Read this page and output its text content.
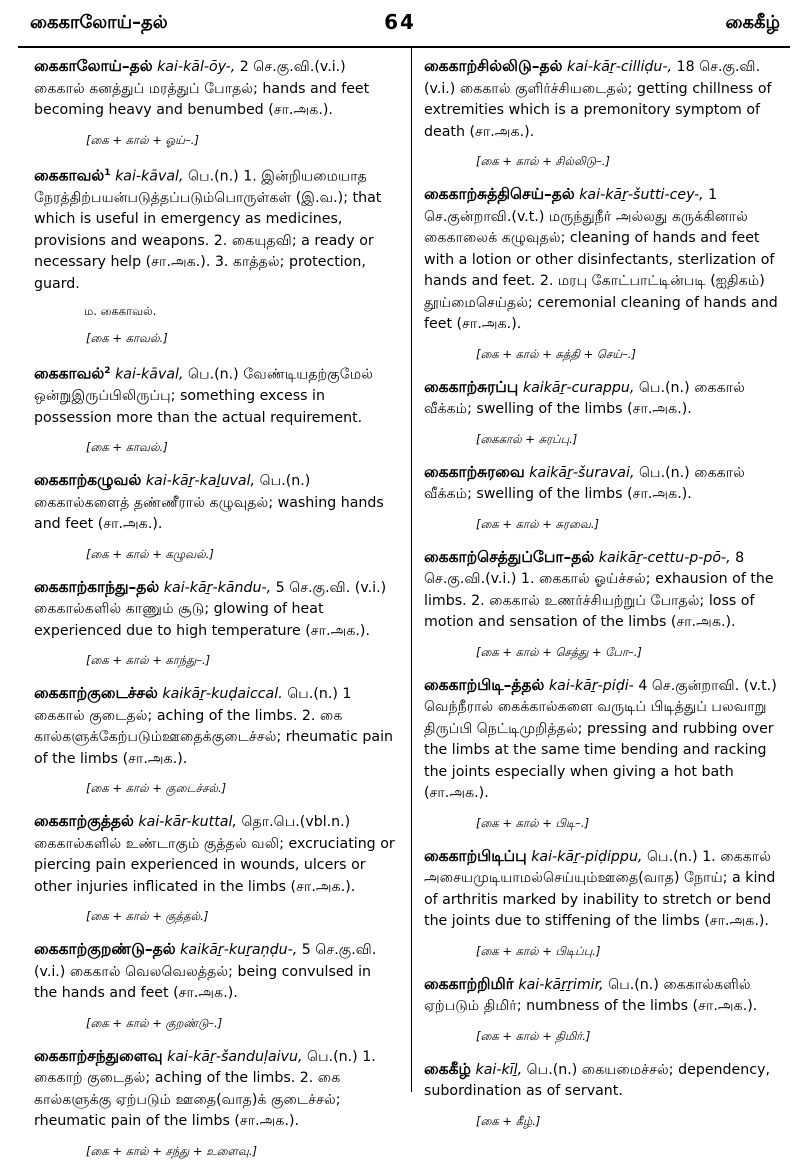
கைகாலோய்–தல்	64	கைகீழ்

கைகாலோய்–தல் kai-kāl-ōy-, 2 செ.கு.வி.(v.i.) கைகால் கனத்துப் மரத்துப் போதல்; hands and feet becoming heavy and benumbed (சா.அக.).

[கை + கால் + ஓய்–.]

கைகாவல்$^1$ kai-kāval, பெ.(n.) 1. இன்றியமையாத நேரத்திற்பயன்படுத்தப்படும்பொருள்கள் (இ.வ.); that which is useful in emergency as medicines, provisions and weapons. 2. கையுதவி; a ready or necessary help (சா.அக.). 3. காத்தல்; protection, guard.

ம. கைகாவல்.
[கை + காவல்.]

கைகாவல்$^2$ kai-kāval, பெ.(n.) வேண்டியதற்குமேல் ஒன்றுஇருப்பிலிருப்பு; something excess in possession more than the actual requirement.

[கை + காவல்.]

கைகாற்கழுவல் kai-kāṟ-kaḻuval, பெ.(n.) கைகால்களைத் தண்ணீரால் கழுவுதல்; washing hands and feet (சா.அக.).

[கை + கால் + கழுவல்.]

கைகாற்காந்து–தல் kai-kāṟ-kāndu-, 5 செ.கு.வி. (v.i.) கைகால்களில் காணும் சூடு; glowing of heat experienced due to high temperature (சா.அக.).

[கை + கால் + காந்து–.]

கைகாற்குடைச்சல் kaikāṟ-kuḍaiccal. பெ.(n.) 1 கைகால் குடைதல்; aching of the limbs. 2. கை கால்களுக்கேற்படும்ஊதைக்குடைச்சல்; rheumatic pain of the limbs (சா.அக.).

[கை + கால் + குடைச்சல்.]

கைகாற்குத்தல் kai-kār-kuttal, தொ.பெ.(vbl.n.) கைகால்களில் உண்டாகும் குத்தல் வலி; excruciating or piercing pain experienced in wounds, ulcers or other injuries inflicated in the limbs (சா.அக.).

[கை + கால் + குத்தல்.]

கைகாற்குறண்டு–தல் kaikāṟ-kuṟaṇḍu-, 5 செ.கு.வி.(v.i.) கைகால் வெலவெலத்தல்; being convulsed in the hands and feet (சா.அக.).

[கை + கால் + குறண்டு–.]

கைகாற்சந்துளைவு kai-kāṟ-šanduḷaivu, பெ.(n.) 1. கைகாற் குடைதல்; aching of the limbs. 2. கை கால்களுக்கு ஏற்படும் ஊதை(வாத)க் குடைச்சல்; rheumatic pain of the limbs (சா.அக.).

[கை + கால் + சந்து + உளைவு.]

கைகாற்சில்லிடு–தல் kai-kāṟ-cilliḍu-, 18 செ.கு.வி. (v.i.) கைகால் குளிர்ச்சியடைதல்; getting chillness of extremities which is a premonitory symptom of death (சா.அக.).

[கை + கால் + சில்லிடு–.]

கைகாற்சுத்திசெய்–தல் kai-kāṟ-šutti-cey-, 1 செ.குன்றாவி.(v.t.) மருந்துநீர் அல்லது கருக்கினால் கைகாலைக் கழுவுதல்; cleaning of hands and feet with a lotion or other disinfectants, sterlization of hands and feet. 2. மரபு கோட்பாட்டின்படி (ஐதிகம்) தூய்மைசெய்தல்; ceremonial cleaning of hands and feet (சா.அக.).

[கை + கால் + சுத்தி + செய்–.]

கைகாற்சுரப்பு kaikāṟ-curappu, பெ.(n.) கைகால் வீக்கம்; swelling of the limbs (சா.அக.).

[கைகால் + சுரப்பு.]

கைகாற்சுரவை kaikāṟ-šuravai, பெ.(n.) கைகால் வீக்கம்; swelling of the limbs (சா.அக.).

[கை + கால் + சுரவை.]

கைகாற்செத்துப்போ–தல் kaikāṟ-cettu-p-pō-, 8 செ.கு.வி.(v.i.) 1. கைகால் ஓய்ச்சல்; exhausion of the limbs. 2. கைகால் உணர்ச்சியற்றுப் போதல்; loss of motion and sensation of the limbs (சா.அக.).

[கை + கால் + செத்து + போ–.]

கைகாற்பிடி–த்தல் kai-kāṟ-piḍi- 4 செ.குன்றாவி. (v.t.) வெந்நீரால் கைக்கால்களை வருடிப் பிடித்துப் பலவாறு திருப்பி நெட்டிமுறித்தல்; pressing and rubbing over the limbs at the same time bending and racking the joints especially when giving a hot bath (சா.அக.).

[கை + கால் + பிடி–.]

கைகாற்பிடிப்பு kai-kāṟ-piḍippu, பெ.(n.) 1. கைகால் அசையமுடியாமல்செய்யும்ஊதை(வாத) நோய்; a kind of arthritis marked by inability to stretch or bend the joints due to stiffening of the limbs (சா.அக.).

[கை + கால் + பிடிப்பு.]

கைகாற்றிமிர் kai-kāṟṟimir, பெ.(n.) கைகால்களில் ஏற்படும் திமிர்; numbness of the limbs (சா.அக.).

[கை + கால் + திமிர்.]

கைகீழ் kai-kīḻ, பெ.(n.) கையமைச்சல்; dependency, subordination as of servant.

[கை + கீழ்.]
